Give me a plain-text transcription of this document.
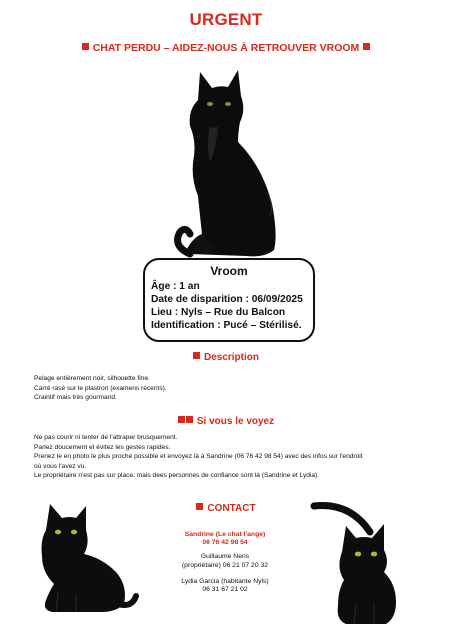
URGENT
CHAT PERDU – AIDEZ-NOUS À RETROUVER VROOM
Vroom
Âge : 1 an
Date de disparition : 06/09/2025
Lieu : Nyls – Rue du Balcon
Identification : Pucé – Stérilisé.
Description
Pelage entièrement noir, silhouette fine.
Carré rasé sur le plastron (examens récents).
Craintif mais très gourmand.
Si vous le voyez
Ne pas courir ni tenter de l'attraper brusquement.
Parlez doucement et évitez les gestes rapides.
Prenez le en photo le plus proche possible et envoyez là à Sandrine (06 76 42 98 54) avec des infos sur l'endroit
où vous l'avez vu.
Le propriétaire n'est pas sur place, mais dees personnes de confiance sont là (Sandrine et Lydia).
CONTACT
Sandrine (Le chat l'ange)
06 76 42 98 54
Guillaume Neris
(propriétaire) 06 21 07 20 32
Lydia Garcia (habitante Nyls)
06 31 67 21 02
